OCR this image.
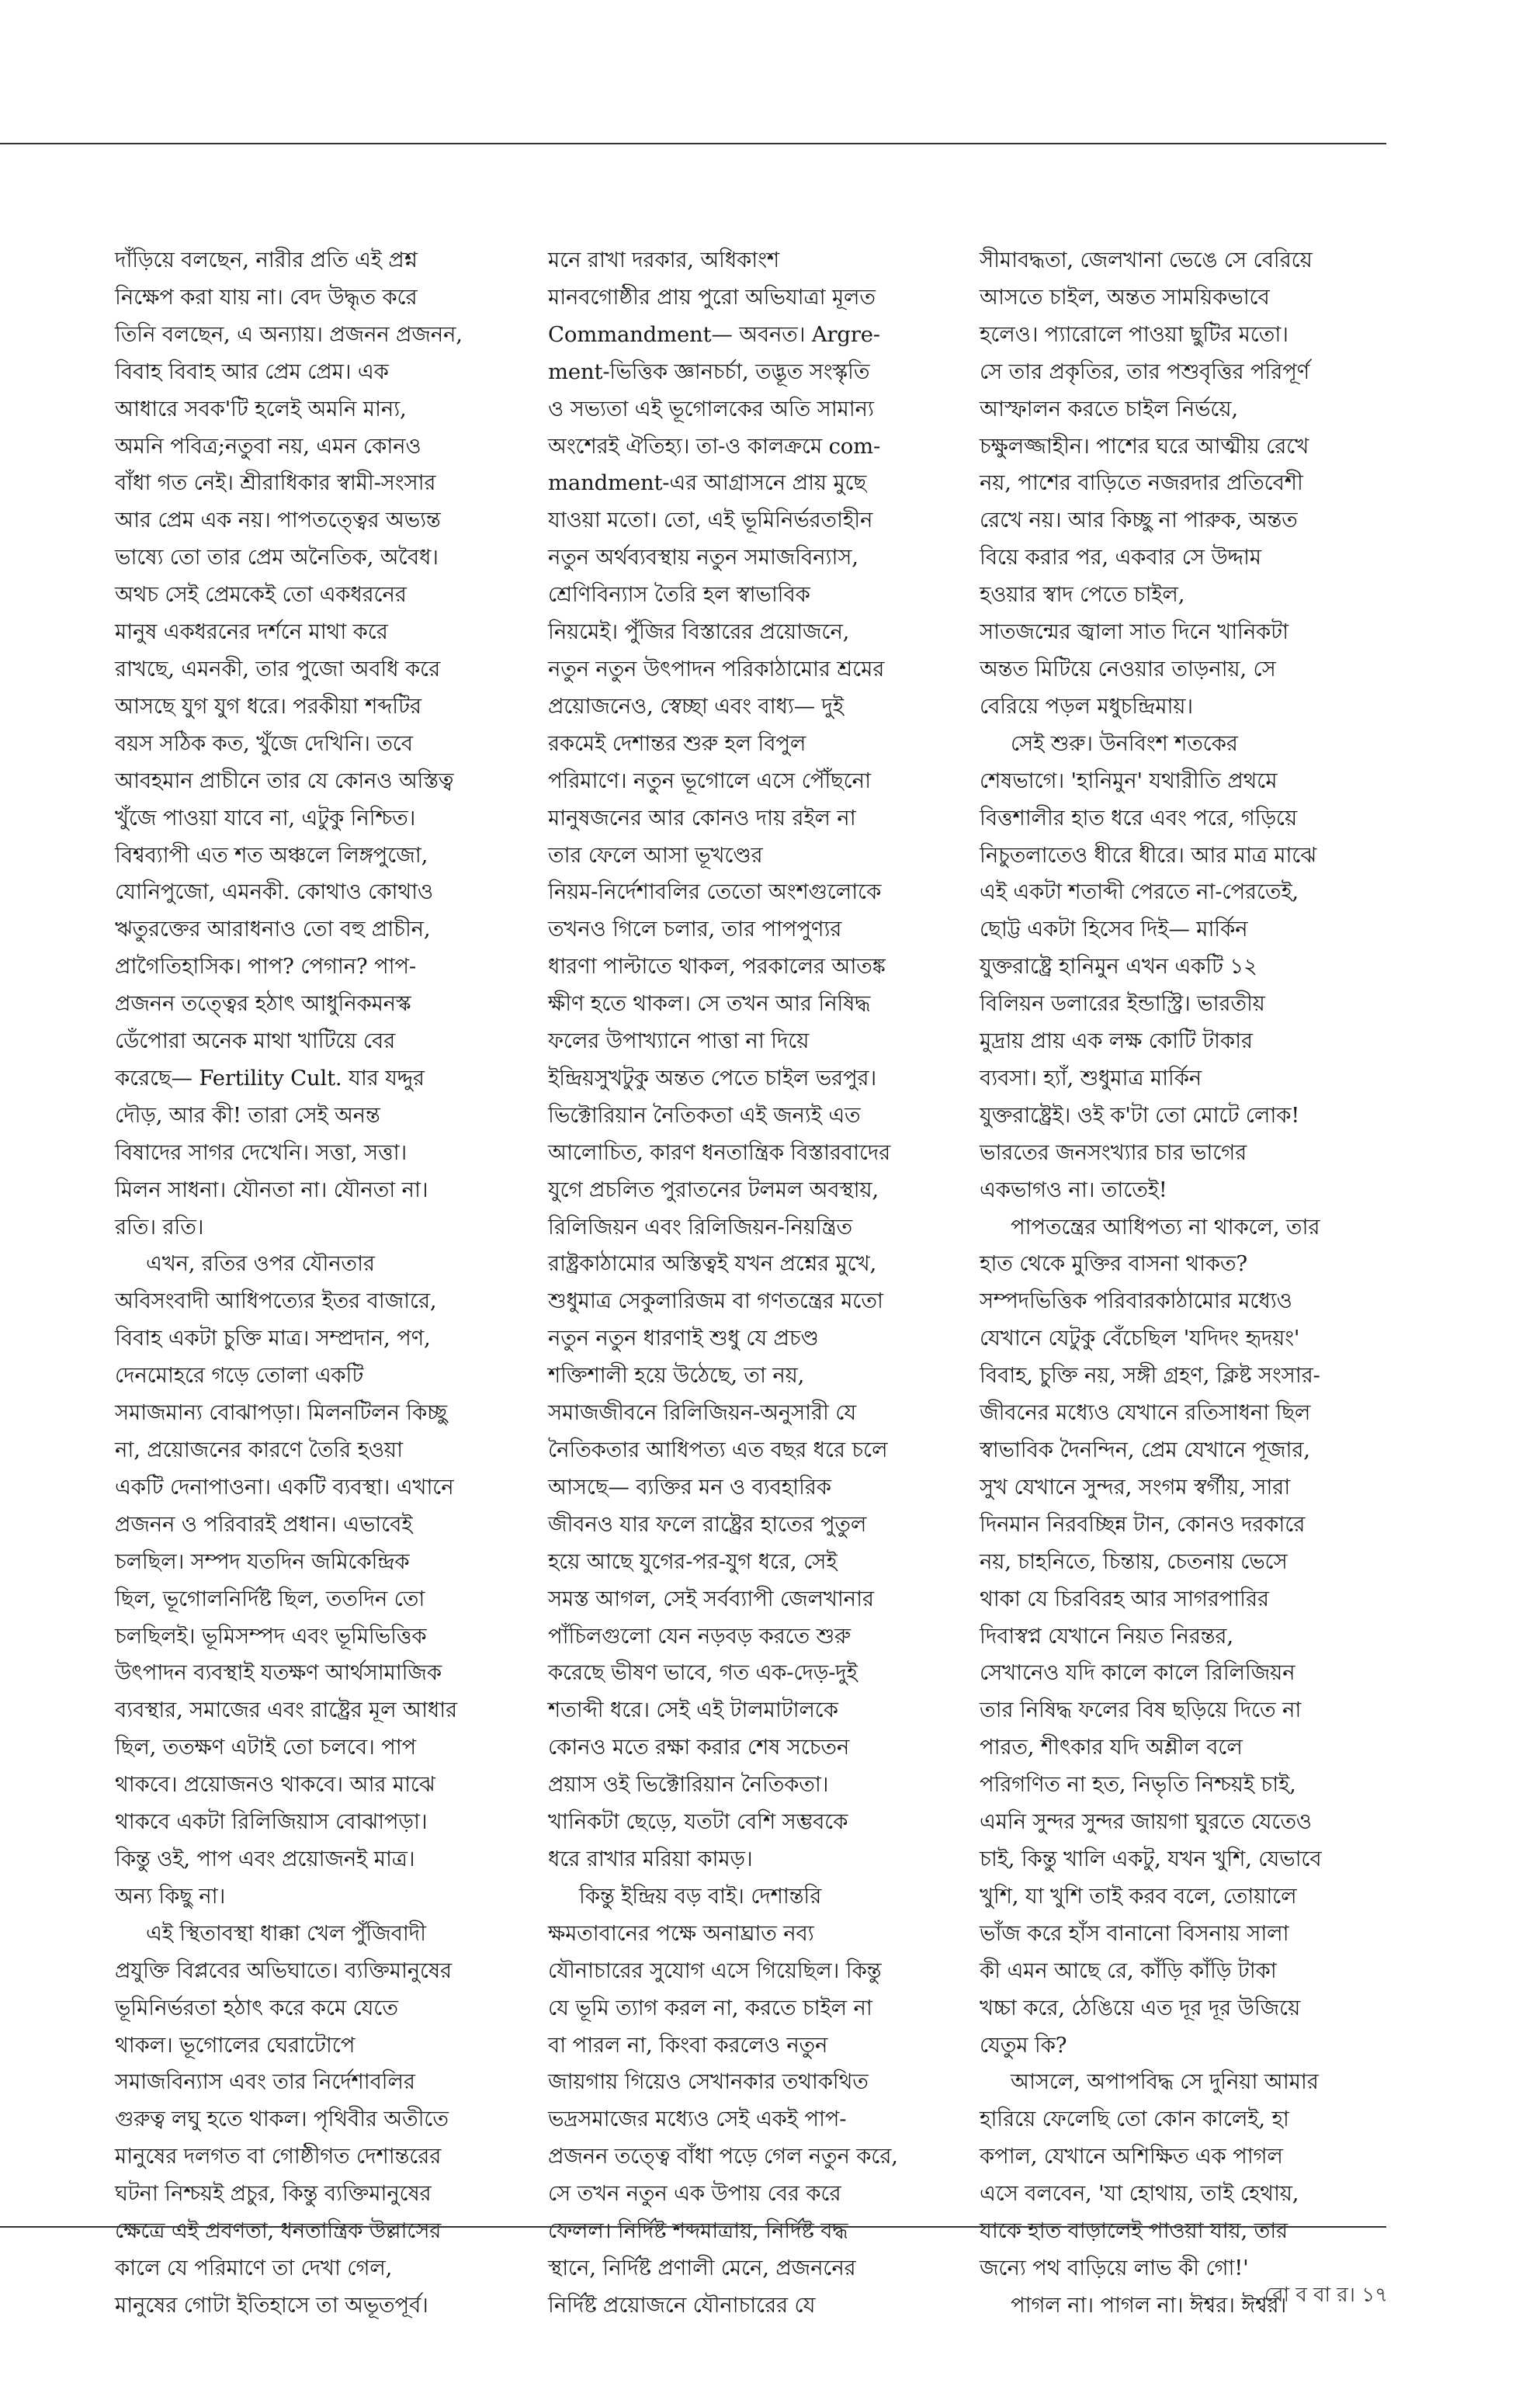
দাঁড়িয়ে বলছেন, নারীর প্রতি এই প্রশ্ন

নিক্ষেপ করা যায় না। বেদ উদ্ধৃত করে

তিনি বলছেন, এ অন্যায়। প্রজনন প্রজনন,

বিবাহ বিবাহ আর প্রেম প্রেম। এক

আধারে সবক'টি হলেই অমনি মান্য,

অমনি পবিত্র;নতুবা নয়, এমন কোনও

বাঁধা গত নেই। শ্রীরাধিকার স্বামী-সংসার

আর প্রেম এক নয়। পাপতত্ত্বের অভ্যন্ত

ভাষ্যে তো তার প্রেম অনৈতিক, অবৈধ।

অথচ সেই প্রেমকেই তো একধরনের

মানুষ একধরনের দর্শনে মাথা করে

রাখছে, এমনকী, তার পুজো অবধি করে

আসছে যুগ যুগ ধরে। পরকীয়া শব্দটির

বয়স সঠিক কত, খুঁজে দেখিনি। তবে

আবহমান প্রাচীনে তার যে কোনও অস্তিত্ব

খুঁজে পাওয়া যাবে না, এটুকু নিশ্চিত।

বিশ্বব্যাপী এত শত অঞ্চলে লিঙ্গপুজো,

যোনিপুজো, এমনকী. কোথাও কোথাও

ঋতুরক্তের আরাধনাও তো বহু প্রাচীন,

প্রাগৈতিহাসিক। পাপ? পেগান? পাপ-

প্রজনন তত্ত্বের হঠাৎ আধুনিকমনস্ক

ডেঁপোরা অনেক মাথা খাটিয়ে বের

করেছে— Fertility Cult. যার যদ্দুর

দৌড়, আর কী! তারা সেই অনন্ত

বিষাদের সাগর দেখেনি। সত্তা, সত্তা।

মিলন সাধনা। যৌনতা না। যৌনতা না।

রতি। রতি।

এখন, রতির ওপর যৌনতার

অবিসংবাদী আধিপত্যের ইতর বাজারে,

বিবাহ একটা চুক্তি মাত্র। সম্প্রদান, পণ,

দেনমোহরে গড়ে তোলা একটি

সমাজমান্য বোঝাপড়া। মিলনটিলন কিচ্ছু

না, প্রয়োজনের কারণে তৈরি হওয়া

একটি দেনাপাওনা। একটি ব্যবস্থা। এখানে

প্রজনন ও পরিবারই প্রধান। এভাবেই

চলছিল। সম্পদ যতদিন জমিকেন্দ্রিক

ছিল, ভূগোলনির্দিষ্ট ছিল, ততদিন তো

চলছিলই। ভূমিসম্পদ এবং ভূমিভিত্তিক

উৎপাদন ব্যবস্থাই যতক্ষণ আর্থসামাজিক

ব্যবস্থার, সমাজের এবং রাষ্ট্রের মূল আধার

ছিল, ততক্ষণ এটাই তো চলবে। পাপ

থাকবে। প্রয়োজনও থাকবে। আর মাঝে

থাকবে একটা রিলিজিয়াস বোঝাপড়া।

কিন্তু ওই, পাপ এবং প্রয়োজনই মাত্র।

অন্য কিছু না।

এই স্থিতাবস্থা ধাক্কা খেল পুঁজিবাদী

প্রযুক্তি বিপ্লবের অভিঘাতে। ব্যক্তিমানুষের

ভূমিনির্ভরতা হঠাৎ করে কমে যেতে

থাকল। ভূগোলের ঘেরাটোপে

সমাজবিন্যাস এবং তার নির্দেশাবলির

গুরুত্ব লঘু হতে থাকল। পৃথিবীর অতীতে

মানুষের দলগত বা গোষ্ঠীগত দেশান্তরের

ঘটনা নিশ্চয়ই প্রচুর, কিন্তু ব্যক্তিমানুষের

ক্ষেত্রে এই প্রবণতা, ধনতান্ত্রিক উল্লাসের

কালে যে পরিমাণে তা দেখা গেল,

মানুষের গোটা ইতিহাসে তা অভূতপূর্ব।

মনে রাখা দরকার, অধিকাংশ

মানবগোষ্ঠীর প্রায় পুরো অভিযাত্রা মূলত

Commandment— অবনত। Argre-

ment-ভিত্তিক জ্ঞানচর্চা, তদ্ভূত সংস্কৃতি

ও সভ্যতা এই ভূগোলকের অতি সামান্য

অংশেরই ঐতিহ্য। তা-ও কালক্রমে com-

mandment-এর আগ্রাসনে প্রায় মুছে

যাওয়া মতো। তো, এই ভূমিনির্ভরতাহীন

নতুন অর্থব্যবস্থায় নতুন সমাজবিন্যাস,

শ্রেণিবিন্যাস তৈরি হল স্বাভাবিক

নিয়মেই। পুঁজির বিস্তারের প্রয়োজনে,

নতুন নতুন উৎপাদন পরিকাঠামোর শ্রমের

প্রয়োজনেও, স্বেচ্ছা এবং বাধ্য— দুই

রকমেই দেশান্তর শুরু হল বিপুল

পরিমাণে। নতুন ভূগোলে এসে পৌঁছনো

মানুষজনের আর কোনও দায় রইল না

তার ফেলে আসা ভূখণ্ডের

নিয়ম-নির্দেশাবলির তেতো অংশগুলোকে

তখনও গিলে চলার, তার পাপপুণ্যর

ধারণা পাল্টাতে থাকল, পরকালের আতঙ্ক

ক্ষীণ হতে থাকল। সে তখন আর নিষিদ্ধ

ফলের উপাখ্যানে পাত্তা না দিয়ে

ইন্দ্রিয়সুখটুকু অন্তত পেতে চাইল ভরপুর।

ভিক্টোরিয়ান নৈতিকতা এই জন্যই এত

আলোচিত, কারণ ধনতান্ত্রিক বিস্তারবাদের

যুগে প্রচলিত পুরাতনের টলমল অবস্থায়,

রিলিজিয়ন এবং রিলিজিয়ন-নিয়ন্ত্রিত

রাষ্ট্রকাঠামোর অস্তিত্বই যখন প্রশ্নের মুখে,

শুধুমাত্র সেকুলারিজম বা গণতন্ত্রের মতো

নতুন নতুন ধারণাই শুধু যে প্রচণ্ড

শক্তিশালী হয়ে উঠেছে, তা নয়,

সমাজজীবনে রিলিজিয়ন-অনুসারী যে

নৈতিকতার আধিপত্য এত বছর ধরে চলে

আসছে— ব্যক্তির মন ও ব্যবহারিক

জীবনও যার ফলে রাষ্ট্রের হাতের পুতুল

হয়ে আছে যুগের-পর-যুগ ধরে, সেই

সমস্ত আগল, সেই সর্বব্যাপী জেলখানার

পাঁচিলগুলো যেন নড়বড় করতে শুরু

করেছে ভীষণ ভাবে, গত এক-দেড়-দুই

শতাব্দী ধরে। সেই এই টালমাটালকে

কোনও মতে রক্ষা করার শেষ সচেতন

প্রয়াস ওই ভিক্টোরিয়ান নৈতিকতা।

খানিকটা ছেড়ে, যতটা বেশি সম্ভবকে

ধরে রাখার মরিয়া কামড়।

কিন্তু ইন্দ্রিয় বড় বাই। দেশান্তরি

ক্ষমতাবানের পক্ষে অনাঘ্রাত নব্য

যৌনাচারের সুযোগ এসে গিয়েছিল। কিন্তু

যে ভূমি ত্যাগ করল না, করতে চাইল না

বা পারল না, কিংবা করলেও নতুন

জায়গায় গিয়েও সেখানকার তথাকথিত

ভদ্রসমাজের মধ্যেও সেই একই পাপ-

প্রজনন তত্ত্বে বাঁধা পড়ে গেল নতুন করে,

সে তখন নতুন এক উপায় বের করে

ফেলল। নির্দিষ্ট শব্দমাত্রায়, নির্দিষ্ট বদ্ধ

স্থানে, নির্দিষ্ট প্রণালী মেনে, প্রজননের

নির্দিষ্ট প্রয়োজনে যৌনাচারের যে

সীমাবদ্ধতা, জেলখানা ভেঙে সে বেরিয়ে

আসতে চাইল, অন্তত সাময়িকভাবে

হলেও। প্যারোলে পাওয়া ছুটির মতো।

সে তার প্রকৃতির, তার পশুবৃত্তির পরিপূর্ণ

আস্ফালন করতে চাইল নির্ভয়ে,

চক্ষুলজ্জাহীন। পাশের ঘরে আত্মীয় রেখে

নয়, পাশের বাড়িতে নজরদার প্রতিবেশী

রেখে নয়। আর কিচ্ছু না পারুক, অন্তত

বিয়ে করার পর, একবার সে উদ্দাম

হওয়ার স্বাদ পেতে চাইল,

সাতজন্মের জ্বালা সাত দিনে খানিকটা

অন্তত মিটিয়ে নেওয়ার তাড়নায়, সে

বেরিয়ে পড়ল মধুচন্দ্রিমায়।

সেই শুরু। উনবিংশ শতকের

শেষভাগে। 'হানিমুন' যথারীতি প্রথমে

বিত্তশালীর হাত ধরে এবং পরে, গড়িয়ে

নিচুতলাতেও ধীরে ধীরে। আর মাত্র মাঝে

এই একটা শতাব্দী পেরতে না-পেরতেই,

ছোট্ট একটা হিসেব দিই— মার্কিন

যুক্তরাষ্ট্রে হানিমুন এখন একটি ১২

বিলিয়ন ডলারের ইন্ডাস্ট্রি। ভারতীয়

মুদ্রায় প্রায় এক লক্ষ কোটি টাকার

ব্যবসা। হ্যাঁ, শুধুমাত্র মার্কিন

যুক্তরাষ্ট্রেই। ওই ক'টা তো মোটে লোক!

ভারতের জনসংখ্যার চার ভাগের

একভাগও না। তাতেই!

পাপতন্ত্রের আধিপত্য না থাকলে, তার

হাত থেকে মুক্তির বাসনা থাকত?

সম্পদভিত্তিক পরিবারকাঠামোর মধ্যেও

যেখানে যেটুকু বেঁচেছিল 'যদিদং হৃদয়ং'

বিবাহ, চুক্তি নয়, সঙ্গী গ্রহণ, ক্লিষ্ট সংসার-

জীবনের মধ্যেও যেখানে রতিসাধনা ছিল

স্বাভাবিক দৈনন্দিন, প্রেম যেখানে পূজার,

সুখ যেখানে সুন্দর, সংগম স্বর্গীয়, সারা

দিনমান নিরবচ্ছিন্ন টান, কোনও দরকারে

নয়, চাহনিতে, চিন্তায়, চেতনায় ভেসে

থাকা যে চিরবিরহ আর সাগরপারির

দিবাস্বপ্ন যেখানে নিয়ত নিরন্তর,

সেখানেও যদি কালে কালে রিলিজিয়ন

তার নিষিদ্ধ ফলের বিষ ছড়িয়ে দিতে না

পারত, শীৎকার যদি অশ্লীল বলে

পরিগণিত না হত, নিভৃতি নিশ্চয়ই চাই,

এমনি সুন্দর সুন্দর জায়গা ঘুরতে যেতেও

চাই, কিন্তু খালি একটু, যখন খুশি, যেভাবে

খুশি, যা খুশি তাই করব বলে, তোয়ালে

ভাঁজ করে হাঁস বানানো বিসনায় সালা

কী এমন আছে রে, কাঁড়ি কাঁড়ি টাকা

খচ্চা করে, ঠেঙিয়ে এত দূর দূর উজিয়ে

যেতুম কি?

আসলে, অপাপবিদ্ধ সে দুনিয়া আমার

হারিয়ে ফেলেছি তো কোন কালেই, হা

কপাল, যেখানে অশিক্ষিত এক পাগল

এসে বলবেন, 'যা হোথায়, তাই হেথায়,

যাকে হাত বাড়ালেই পাওয়া যায়, তার

জন্যে পথ বাড়িয়ে লাভ কী গো!'

পাগল না। পাগল না। ঈশ্বর। ঈশ্বর।

রো ব বা র। ১৭
